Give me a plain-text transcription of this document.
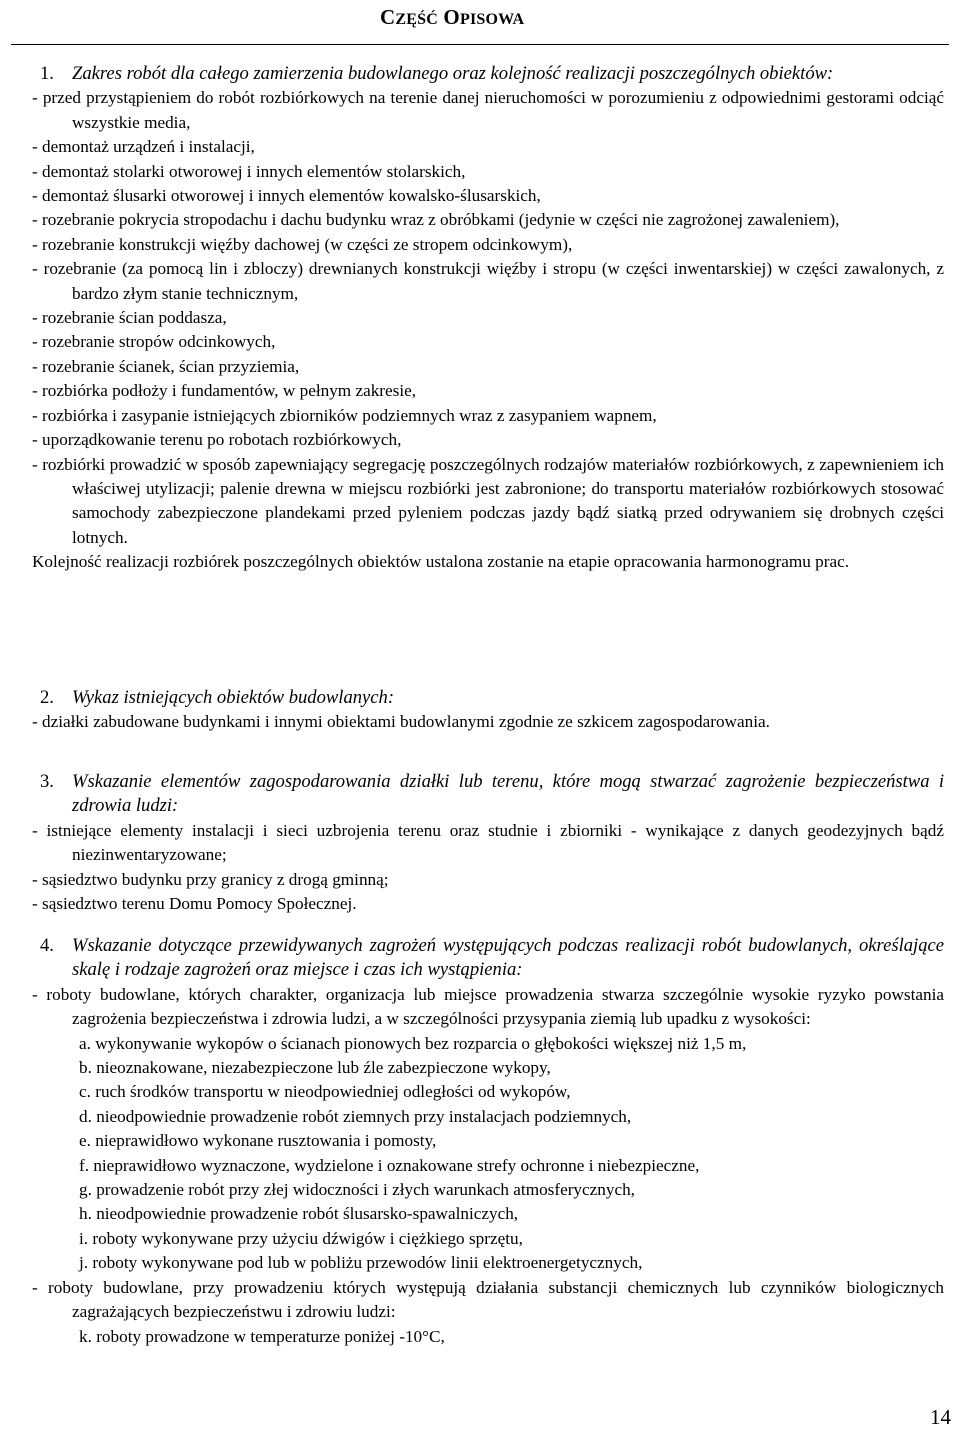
CZĘŚĆ OPISOWA
1. Zakres robót dla całego zamierzenia budowlanego oraz kolejność realizacji poszczególnych obiektów:
- przed przystąpieniem do robót rozbiórkowych na terenie danej nieruchomości w porozumieniu z odpowiednimi gestorami odciąć wszystkie media,
- demontaż urządzeń i instalacji,
- demontaż stolarki otworowej i innych elementów stolarskich,
- demontaż ślusarki otworowej i innych elementów kowalsko-ślusarskich,
- rozebranie pokrycia stropodachu i dachu budynku wraz z obróbkami (jedynie w części nie zagrożonej zawaleniem),
- rozebranie konstrukcji więźby dachowej (w części ze stropem odcinkowym),
- rozebranie (za pomocą lin i zbloczy) drewnianych konstrukcji więźby i stropu (w części inwentarskiej) w części zawalonych, z bardzo złym stanie technicznym,
- rozebranie ścian poddasza,
- rozebranie stropów odcinkowych,
- rozebranie ścianek, ścian przyziemia,
- rozbiórka podłoży i fundamentów, w pełnym zakresie,
- rozbiórka i zasypanie istniejących zbiorników podziemnych wraz z zasypaniem wapnem,
- uporządkowanie terenu po robotach rozbiórkowych,
- rozbiórki prowadzić w sposób zapewniający segregację poszczególnych rodzajów materiałów rozbiórkowych, z zapewnieniem ich właściwej utylizacji; palenie drewna w miejscu rozbiórki jest zabronione; do transportu materiałów rozbiórkowych stosować samochody zabezpieczone plandekami przed pyleniem podczas jazdy bądź siatką przed odrywaniem się drobnych części lotnych.
Kolejność realizacji rozbiórek poszczególnych obiektów ustalona zostanie na etapie opracowania harmonogramu prac.
2. Wykaz istniejących obiektów budowlanych:
- działki zabudowane budynkami i innymi obiektami budowlanymi zgodnie ze szkicem zagospodarowania.
3. Wskazanie elementów zagospodarowania działki lub terenu, które mogą stwarzać zagrożenie bezpieczeństwa i zdrowia ludzi:
- istniejące elementy instalacji i sieci uzbrojenia terenu oraz studnie i zbiorniki - wynikające z danych geodezyjnych bądź niezinwentaryzowane;
- sąsiedztwo budynku przy granicy z drogą gminną;
- sąsiedztwo terenu Domu Pomocy Społecznej.
4. Wskazanie dotyczące przewidywanych zagrożeń występujących podczas realizacji robót budowlanych, określające skalę i rodzaje zagrożeń oraz miejsce i czas ich wystąpienia:
- roboty budowlane, których charakter, organizacja lub miejsce prowadzenia stwarza szczególnie wysokie ryzyko powstania zagrożenia bezpieczeństwa i zdrowia ludzi, a w szczególności przysypania ziemią lub upadku z wysokości:
a. wykonywanie wykopów o ścianach pionowych bez rozparcia o głębokości większej niż 1,5 m,
b. nieoznakowane, niezabezpieczone lub źle zabezpieczone wykopy,
c. ruch środków transportu w nieodpowiedniej odległości od wykopów,
d. nieodpowiednie prowadzenie robót ziemnych przy instalacjach podziemnych,
e. nieprawidłowo wykonane rusztowania i pomosty,
f. nieprawidłowo wyznaczone, wydzielone i oznakowane strefy ochronne i niebezpieczne,
g. prowadzenie robót przy złej widoczności i złych warunkach atmosferycznych,
h. nieodpowiednie prowadzenie robót ślusarsko-spawalniczych,
i. roboty wykonywane przy użyciu dźwigów i ciężkiego sprzętu,
j. roboty wykonywane pod lub w pobliżu przewodów linii elektroenergetycznych,
- roboty budowlane, przy prowadzeniu których występują działania substancji chemicznych lub czynników biologicznych zagrażających bezpieczeństwu i zdrowiu ludzi:
k. roboty prowadzone w temperaturze poniżej -10°C,
14
